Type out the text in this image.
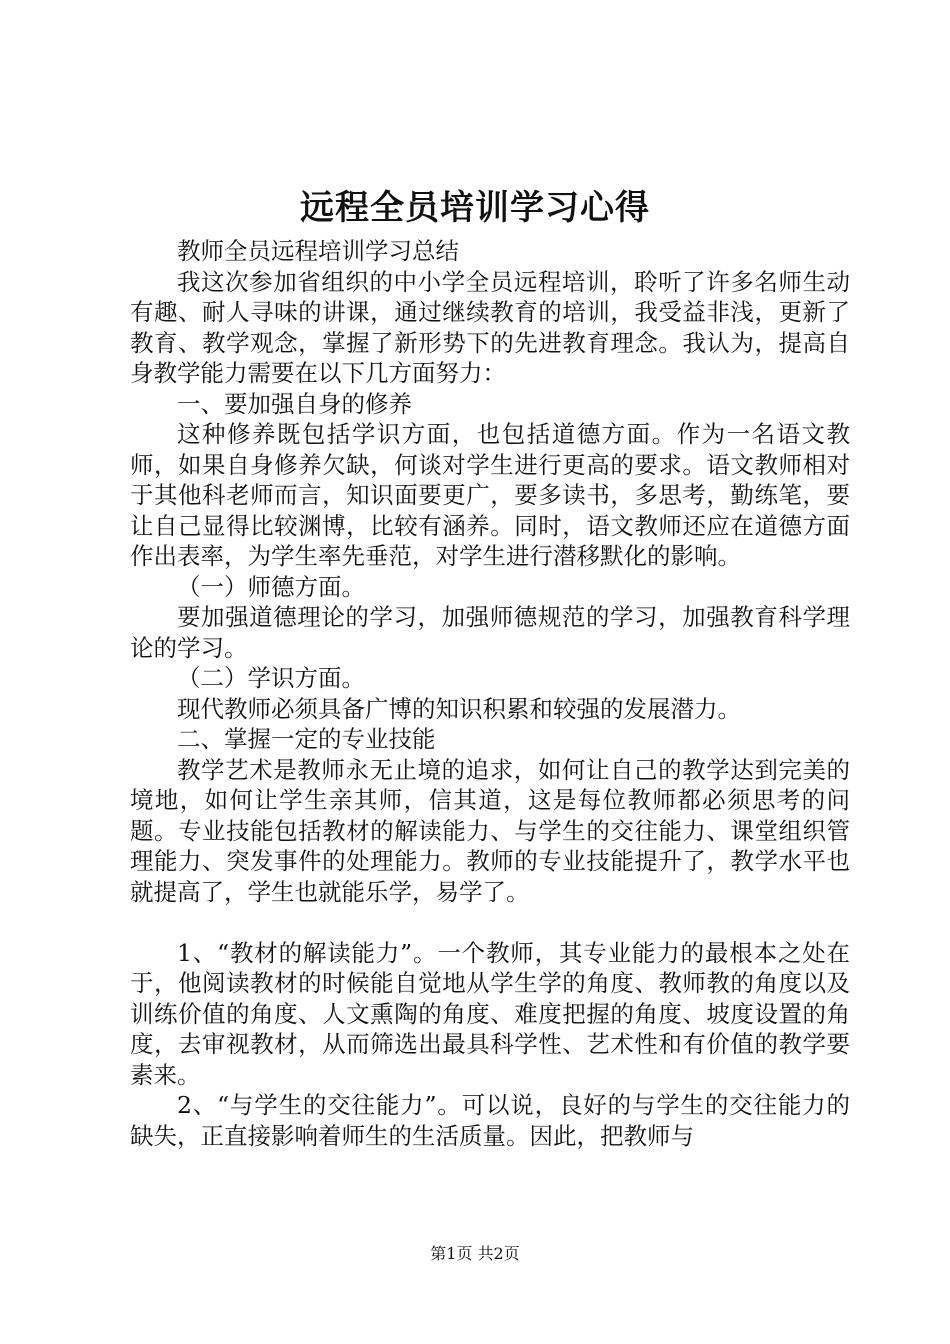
远程全员培训学习心得

教师全员远程培训学习总结

我这次参加省组织的中小学全员远程培训，聆听了许多名师生动有趣、耐人寻味的讲课，通过继续教育的培训，我受益非浅，更新了教育、教学观念，掌握了新形势下的先进教育理念。我认为，提高自身教学能力需要在以下几方面努力：

一、要加强自身的修养

这种修养既包括学识方面，也包括道德方面。作为一名语文教师，如果自身修养欠缺，何谈对学生进行更高的要求。语文教师相对于其他科老师而言，知识面要更广，要多读书，多思考，勤练笔，要让自己显得比较渊博，比较有涵养。同时，语文教师还应在道德方面作出表率，为学生率先垂范，对学生进行潜移默化的影响。

（一）师德方面。

要加强道德理论的学习，加强师德规范的学习，加强教育科学理论的学习。

（二）学识方面。

现代教师必须具备广博的知识积累和较强的发展潜力。

二、掌握一定的专业技能

教学艺术是教师永无止境的追求，如何让自己的教学达到完美的境地，如何让学生亲其师，信其道，这是每位教师都必须思考的问题。专业技能包括教材的解读能力、与学生的交往能力、课堂组织管理能力、突发事件的处理能力。教师的专业技能提升了，教学水平也就提高了，学生也就能乐学，易学了。

1、“教材的解读能力”。一个教师，其专业能力的最根本之处在于，他阅读教材的时候能自觉地从学生学的角度、教师教的角度以及训练价值的角度、人文熏陶的角度、难度把握的角度、坡度设置的角度，去审视教材，从而筛选出最具科学性、艺术性和有价值的教学要素来。

2、“与学生的交往能力”。可以说，良好的与学生的交往能力的缺失，正直接影响着师生的生活质量。因此，把教师与

第1页 共2页
